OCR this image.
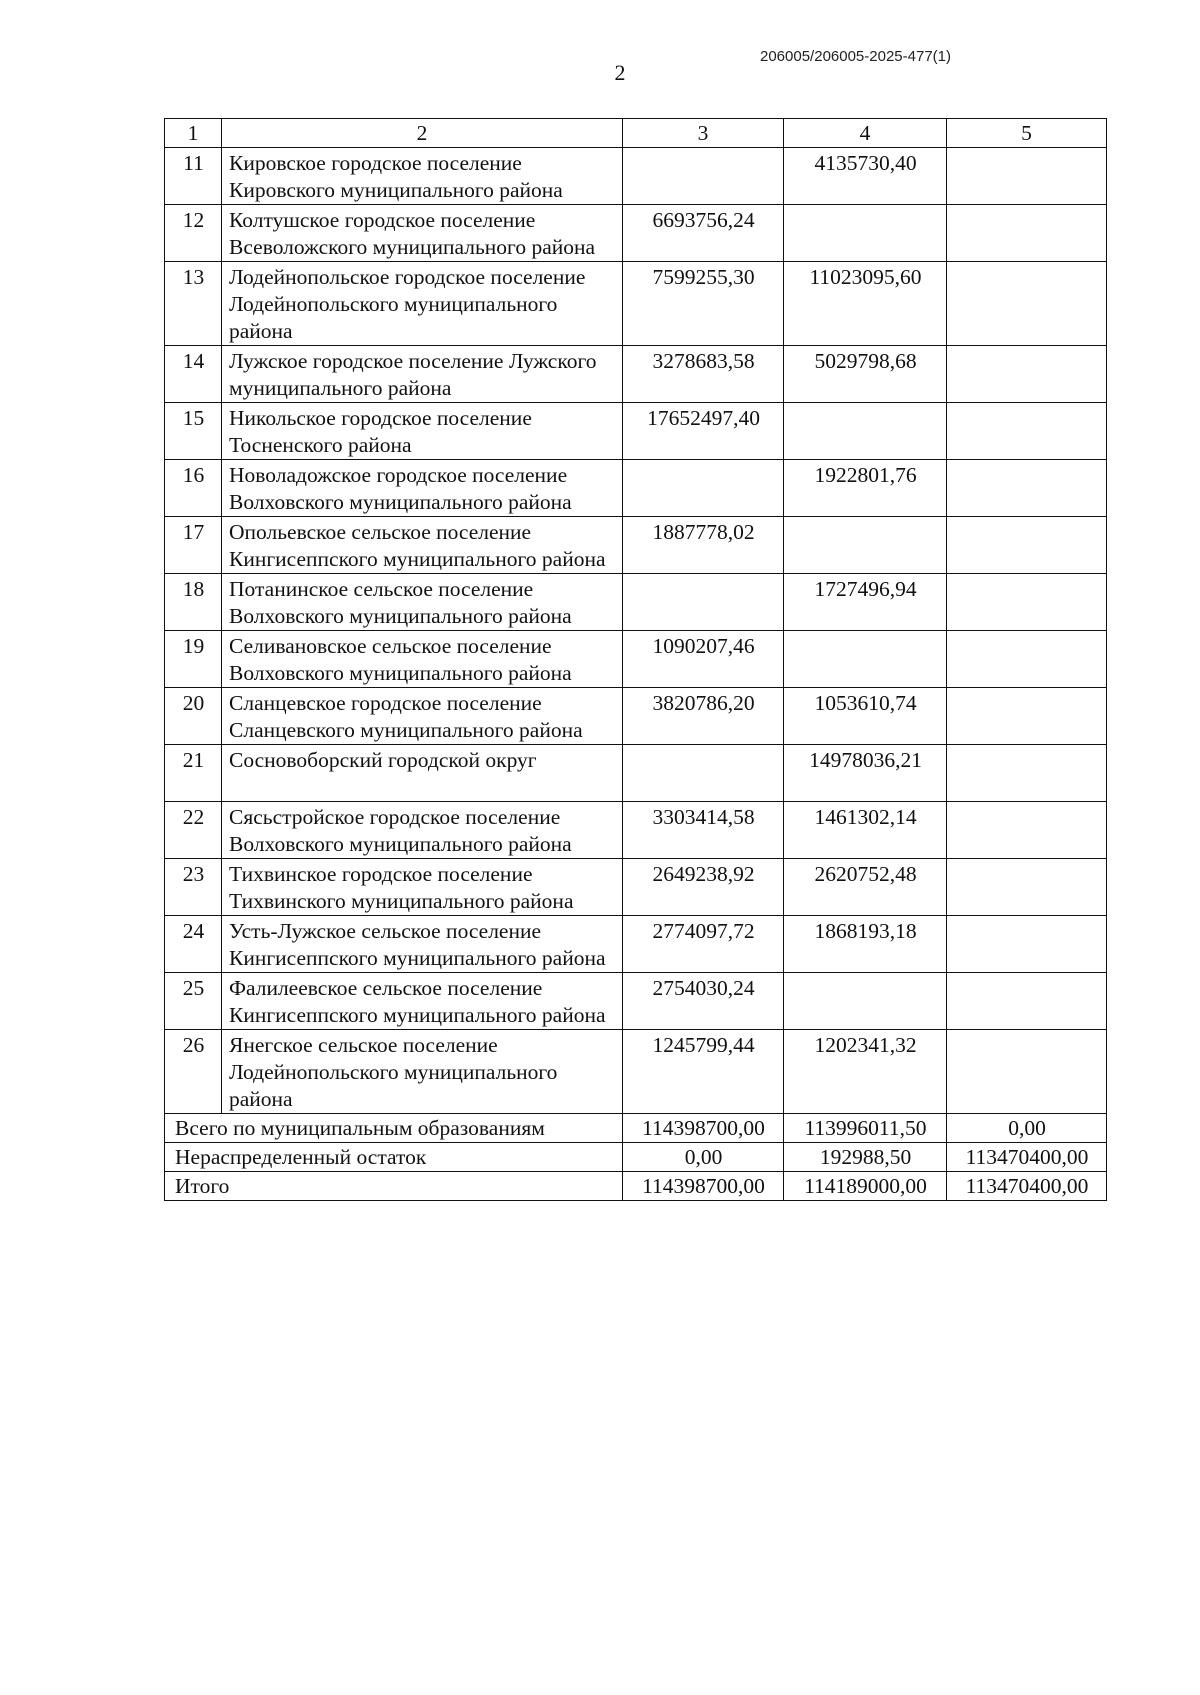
206005/206005-2025-477(1)
2
1	2	3	4	5
11	Кировское городское поселение Кировского муниципального района		4135730,40	
12	Колтушское городское поселение Всеволожского муниципального района	6693756,24		
13	Лодейнопольское городское поселение Лодейнопольского муниципального района	7599255,30	11023095,60	
14	Лужское городское поселение Лужского муниципального района	3278683,58	5029798,68	
15	Никольское городское поселение Тосненского района	17652497,40		
16	Новоладожское городское поселение Волховского муниципального района		1922801,76	
17	Опольевское сельское поселение Кингисеппского муниципального района	1887778,02		
18	Потанинское сельское поселение Волховского муниципального района		1727496,94	
19	Селивановское сельское поселение Волховского муниципального района	1090207,46		
20	Сланцевское городское поселение Сланцевского муниципального района	3820786,20	1053610,74	
21	Сосновоборский городской округ		14978036,21	
22	Сясьстройское городское поселение Волховского муниципального района	3303414,58	1461302,14	
23	Тихвинское городское поселение Тихвинского муниципального района	2649238,92	2620752,48	
24	Усть-Лужское сельское поселение Кингисеппского муниципального района	2774097,72	1868193,18	
25	Фалилеевское сельское поселение Кингисеппского муниципального района	2754030,24		
26	Янегское сельское поселение Лодейнопольского муниципального района	1245799,44	1202341,32	
Всего по муниципальным образованиям		114398700,00	113996011,50	0,00
Нераспределенный остаток		0,00	192988,50	113470400,00
Итого		114398700,00	114189000,00	113470400,00
